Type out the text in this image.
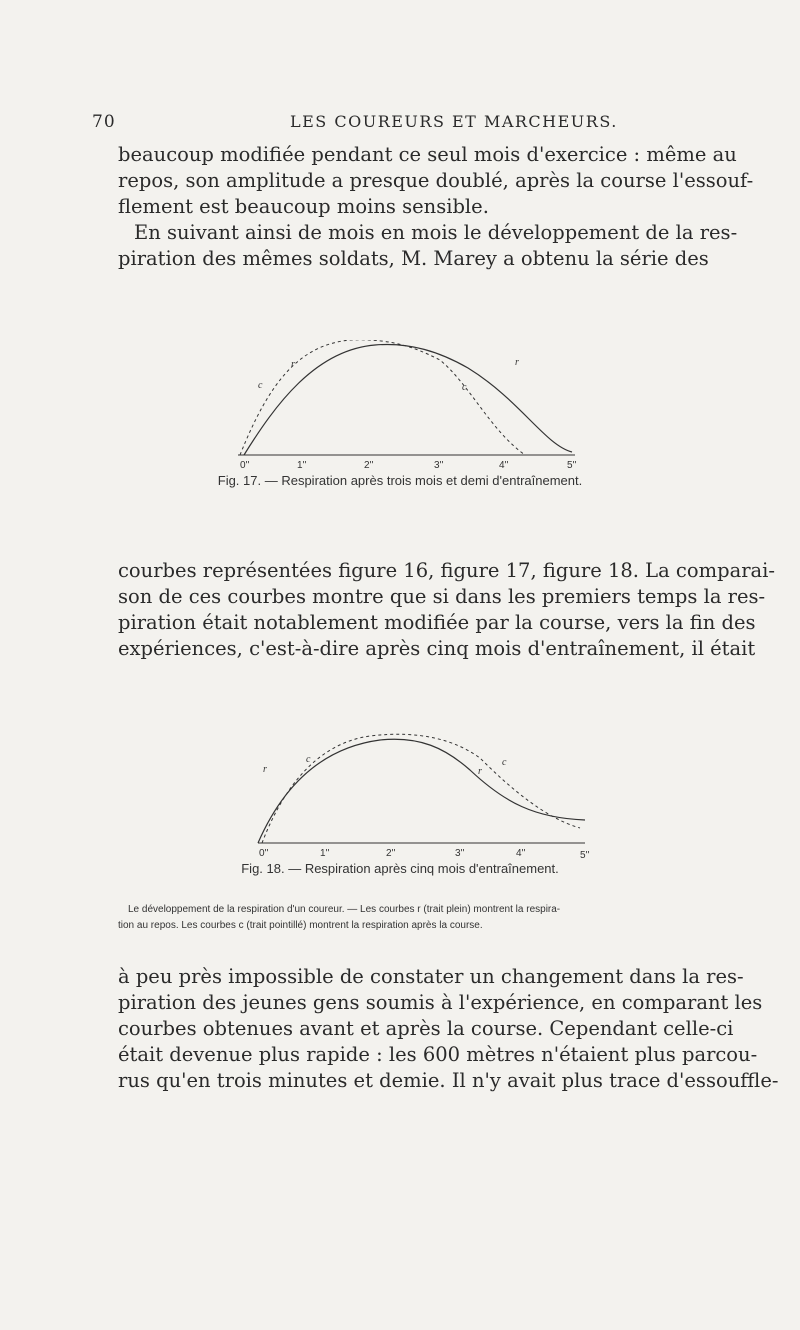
70	LES COUREURS ET MARCHEURS.

beaucoup modifiée pendant ce seul mois d'exercice : même au
repos, son amplitude a presque doublé, après la course l'essouf-
flement est beaucoup moins sensible.
En suivant ainsi de mois en mois le développement de la res-
piration des mêmes soldats, M. Marey a obtenu la série des

c
r
c
r
0''	1''	2''	3''	4''	5''
Fig. 17. — Respiration après trois mois et demi d'entraînement.

courbes représentées figure 16, figure 17, figure 18. La comparai-
son de ces courbes montre que si dans les premiers temps la res-
piration était notablement modifiée par la course, vers la fin des
expériences, c'est-à-dire après cinq mois d'entraînement, il était

c
r	r
c
0''	1''	2''	3''	4''	5''
Fig. 18. — Respiration après cinq mois d'entraînement.

Le développement de la respiration d'un coureur. — Les courbes r (trait plein) montrent la respira-
tion au repos. Les courbes c (trait pointillé) montrent la respiration après la course.

à peu près impossible de constater un changement dans la res-
piration des jeunes gens soumis à l'expérience, en comparant les
courbes obtenues avant et après la course. Cependant celle-ci
était devenue plus rapide : les 600 mètres n'étaient plus parcou-
rus qu'en trois minutes et demie. Il n'y avait plus trace d'essouffle-
